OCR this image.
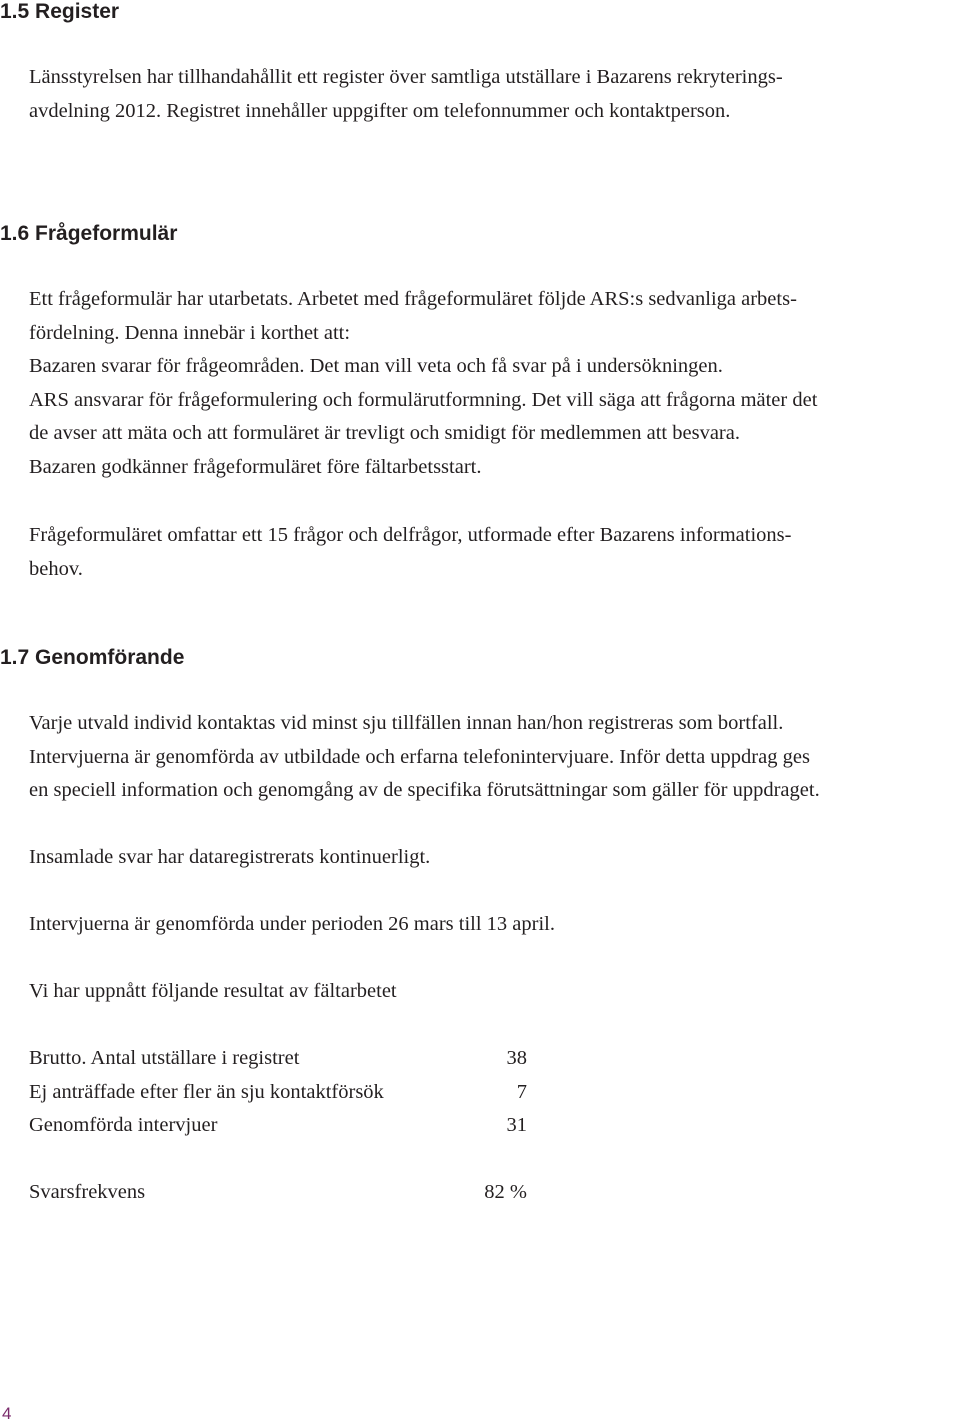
1.5 Register
Länsstyrelsen har tillhandahållit ett register över samtliga utställare i Bazarens rekryterings-
avdelning 2012. Registret innehåller uppgifter om telefonnummer och kontaktperson.
1.6 Frågeformulär
Ett frågeformulär har utarbetats. Arbetet med frågeformuläret följde ARS:s sedvanliga arbets-
fördelning. Denna innebär i korthet att:
Bazaren svarar för frågeområden. Det man vill veta och få svar på i undersökningen.
ARS ansvarar för frågeformulering och formulärutformning. Det vill säga att frågorna mäter det
de avser att mäta och att formuläret är trevligt och smidigt för medlemmen att besvara.
Bazaren godkänner frågeformuläret före fältarbetsstart.
Frågeformuläret omfattar ett 15 frågor och delfrågor, utformade efter Bazarens informations-
behov.
1.7 Genomförande
Varje utvald individ kontaktas vid minst sju tillfällen innan han/hon registreras som bortfall.
Intervjuerna är genomförda av utbildade och erfarna telefonintervjuare. Inför detta uppdrag ges
en speciell information och genomgång av de specifika förutsättningar som gäller för uppdraget.
Insamlade svar har dataregistrerats kontinuerligt.
Intervjuerna är genomförda under perioden 26 mars till 13 april.
Vi har uppnått följande resultat av fältarbetet
Brutto. Antal utställare i registret	38
Ej anträffade efter fler än sju kontaktförsök	7
Genomförda intervjuer	31
Svarsfrekvens	82 %
4
